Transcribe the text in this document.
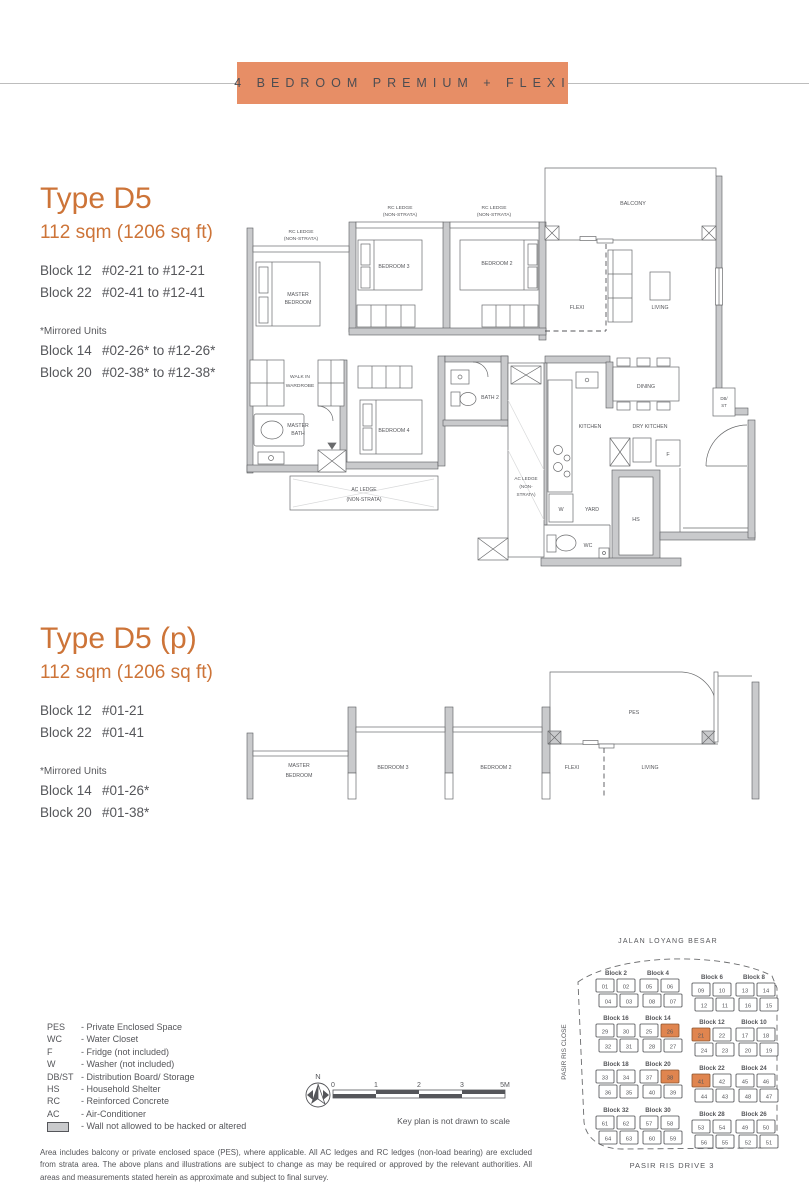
4 BEDROOM PREMIUM + FLEXI
Type D5
112 sqm (1206 sq ft)
Block 12 #02-21 to #12-21
Block 22 #02-41 to #12-41
*Mirrored Units
Block 14 #02-26* to #12-26*
Block 20 #02-38* to #12-38*
RC LEDGE
(NON-STRATA)
RC LEDGE
(NON-STRATA)
RC LEDGE
(NON-STRATA)
BALCONY
MASTER
BEDROOM
BEDROOM 3	BEDROOM 2
FLEXI	LIVING
WALK IN
WARDROBE
MASTER
BATH	BEDROOM 4
BATH 2
AC LEDGE
(NON-STRATA)
AC LEDGE
(NON-
STRATA)
KITCHEN
DINING
DRY KITCHEN
DB/
ST
F
W	YARD
HS
WC
Type D5 (p)
112 sqm (1206 sq ft)
Block 12 #01-21
Block 22 #01-41
*Mirrored Units
Block 14 #01-26*
Block 20 #01-38*
MASTER
BEDROOM
BEDROOM 3	BEDROOM 2	FLEXI	LIVING
PES
PES	- Private Enclosed Space
WC	- Water Closet
F	- Fridge (not included)
W	- Washer (not included)
DB/ST - Distribution Board/ Storage
HS	- Household Shelter
RC	- Reinforced Concrete
AC	- Air-Conditioner
- Wall not allowed to be hacked or altered
N
0	1	2	3	5M
Key plan is not drawn to scale
JALAN LOYANG BESAR
PASIR RIS CLOSE
PASIR RIS DRIVE 3
Block 2	Block 4
01	02	05	06
04	03	08	07
Block 6	Block 8
09	10	13	14
12	11	16	15
Block 16	Block 14
29	30	25	26
32	31	28	27
Block 12	Block 10
21	22	17	18
24	23	20	19
Block 18	Block 20
33	34	37	38
36	35	40	39
Block 22	Block 24
41	42	45	46
44	43	48	47
Block 32	Block 30
61	62	57	58
64	63	60	59
Block 28	Block 26
53	54	49	50
56	55	52	51

Area includes balcony or private enclosed space (PES), where applicable. All AC ledges and RC ledges (non-load bearing) are excluded from strata area. The above plans and illustrations are subject to change as may be required or approved by the relevant authorities. All areas and measurements stated herein as approximate and subject to final survey.
